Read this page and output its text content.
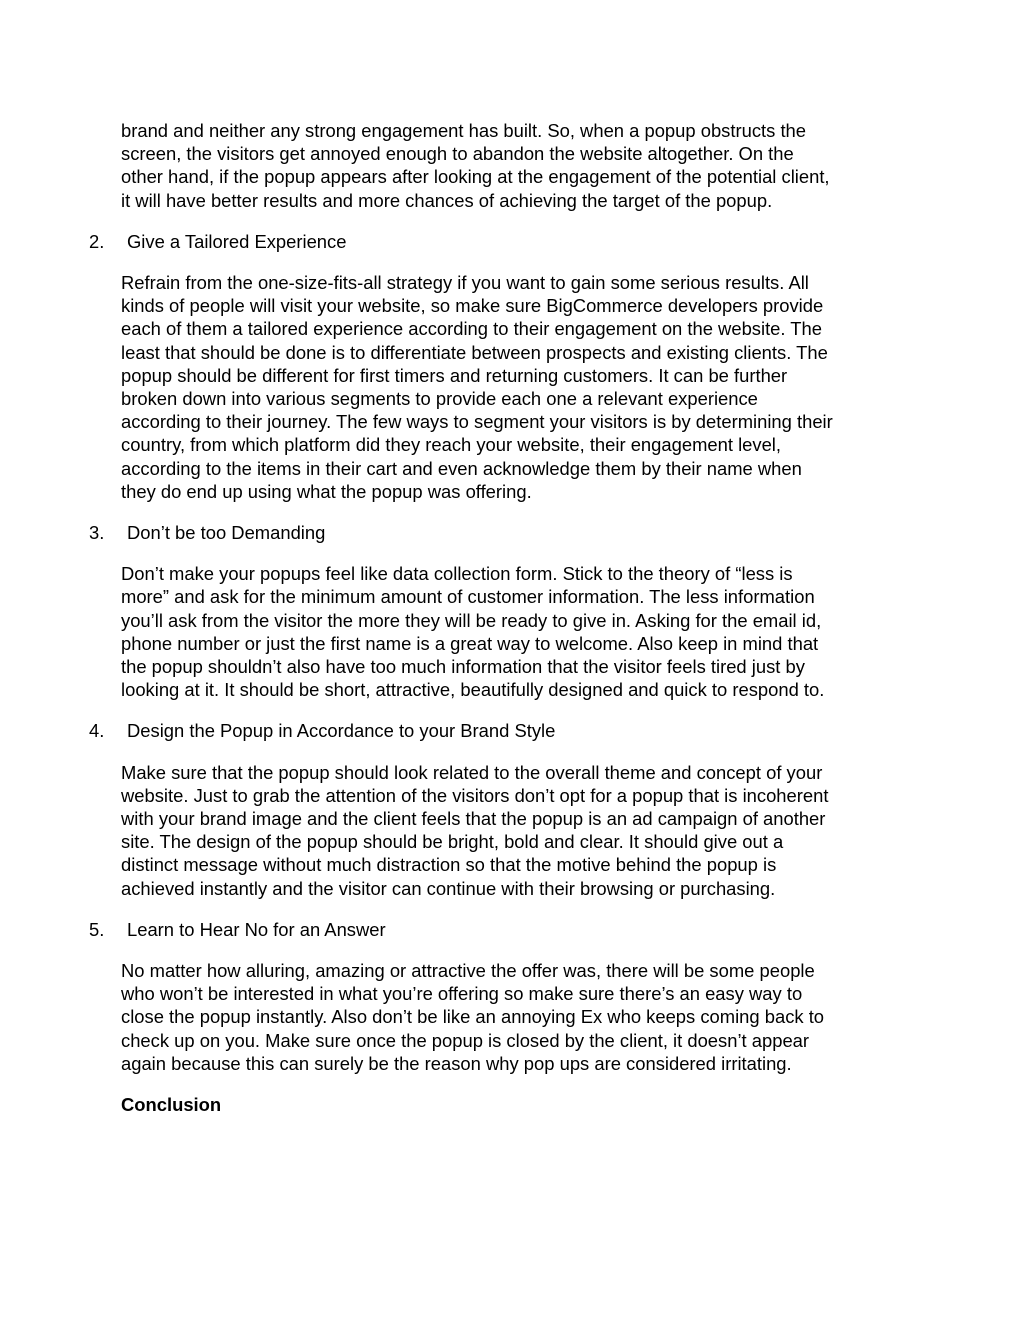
brand and neither any strong engagement has built. So, when a popup obstructs the
screen, the visitors get annoyed enough to abandon the website altogether. On the
other hand, if the popup appears after looking at the engagement of the potential client,
it will have better results and more chances of achieving the target of the popup.

2. Give a Tailored Experience

Refrain from the one-size-fits-all strategy if you want to gain some serious results. All
kinds of people will visit your website, so make sure BigCommerce developers provide
each of them a tailored experience according to their engagement on the website. The
least that should be done is to differentiate between prospects and existing clients. The
popup should be different for first timers and returning customers. It can be further
broken down into various segments to provide each one a relevant experience
according to their journey. The few ways to segment your visitors is by determining their
country, from which platform did they reach your website, their engagement level,
according to the items in their cart and even acknowledge them by their name when
they do end up using what the popup was offering.

3. Don’t be too Demanding

Don’t make your popups feel like data collection form. Stick to the theory of “less is
more” and ask for the minimum amount of customer information. The less information
you’ll ask from the visitor the more they will be ready to give in. Asking for the email id,
phone number or just the first name is a great way to welcome. Also keep in mind that
the popup shouldn’t also have too much information that the visitor feels tired just by
looking at it. It should be short, attractive, beautifully designed and quick to respond to.

4. Design the Popup in Accordance to your Brand Style

Make sure that the popup should look related to the overall theme and concept of your
website. Just to grab the attention of the visitors don’t opt for a popup that is incoherent
with your brand image and the client feels that the popup is an ad campaign of another
site. The design of the popup should be bright, bold and clear. It should give out a
distinct message without much distraction so that the motive behind the popup is
achieved instantly and the visitor can continue with their browsing or purchasing.

5. Learn to Hear No for an Answer

No matter how alluring, amazing or attractive the offer was, there will be some people
who won’t be interested in what you’re offering so make sure there’s an easy way to
close the popup instantly. Also don’t be like an annoying Ex who keeps coming back to
check up on you. Make sure once the popup is closed by the client, it doesn’t appear
again because this can surely be the reason why pop ups are considered irritating.

Conclusion
